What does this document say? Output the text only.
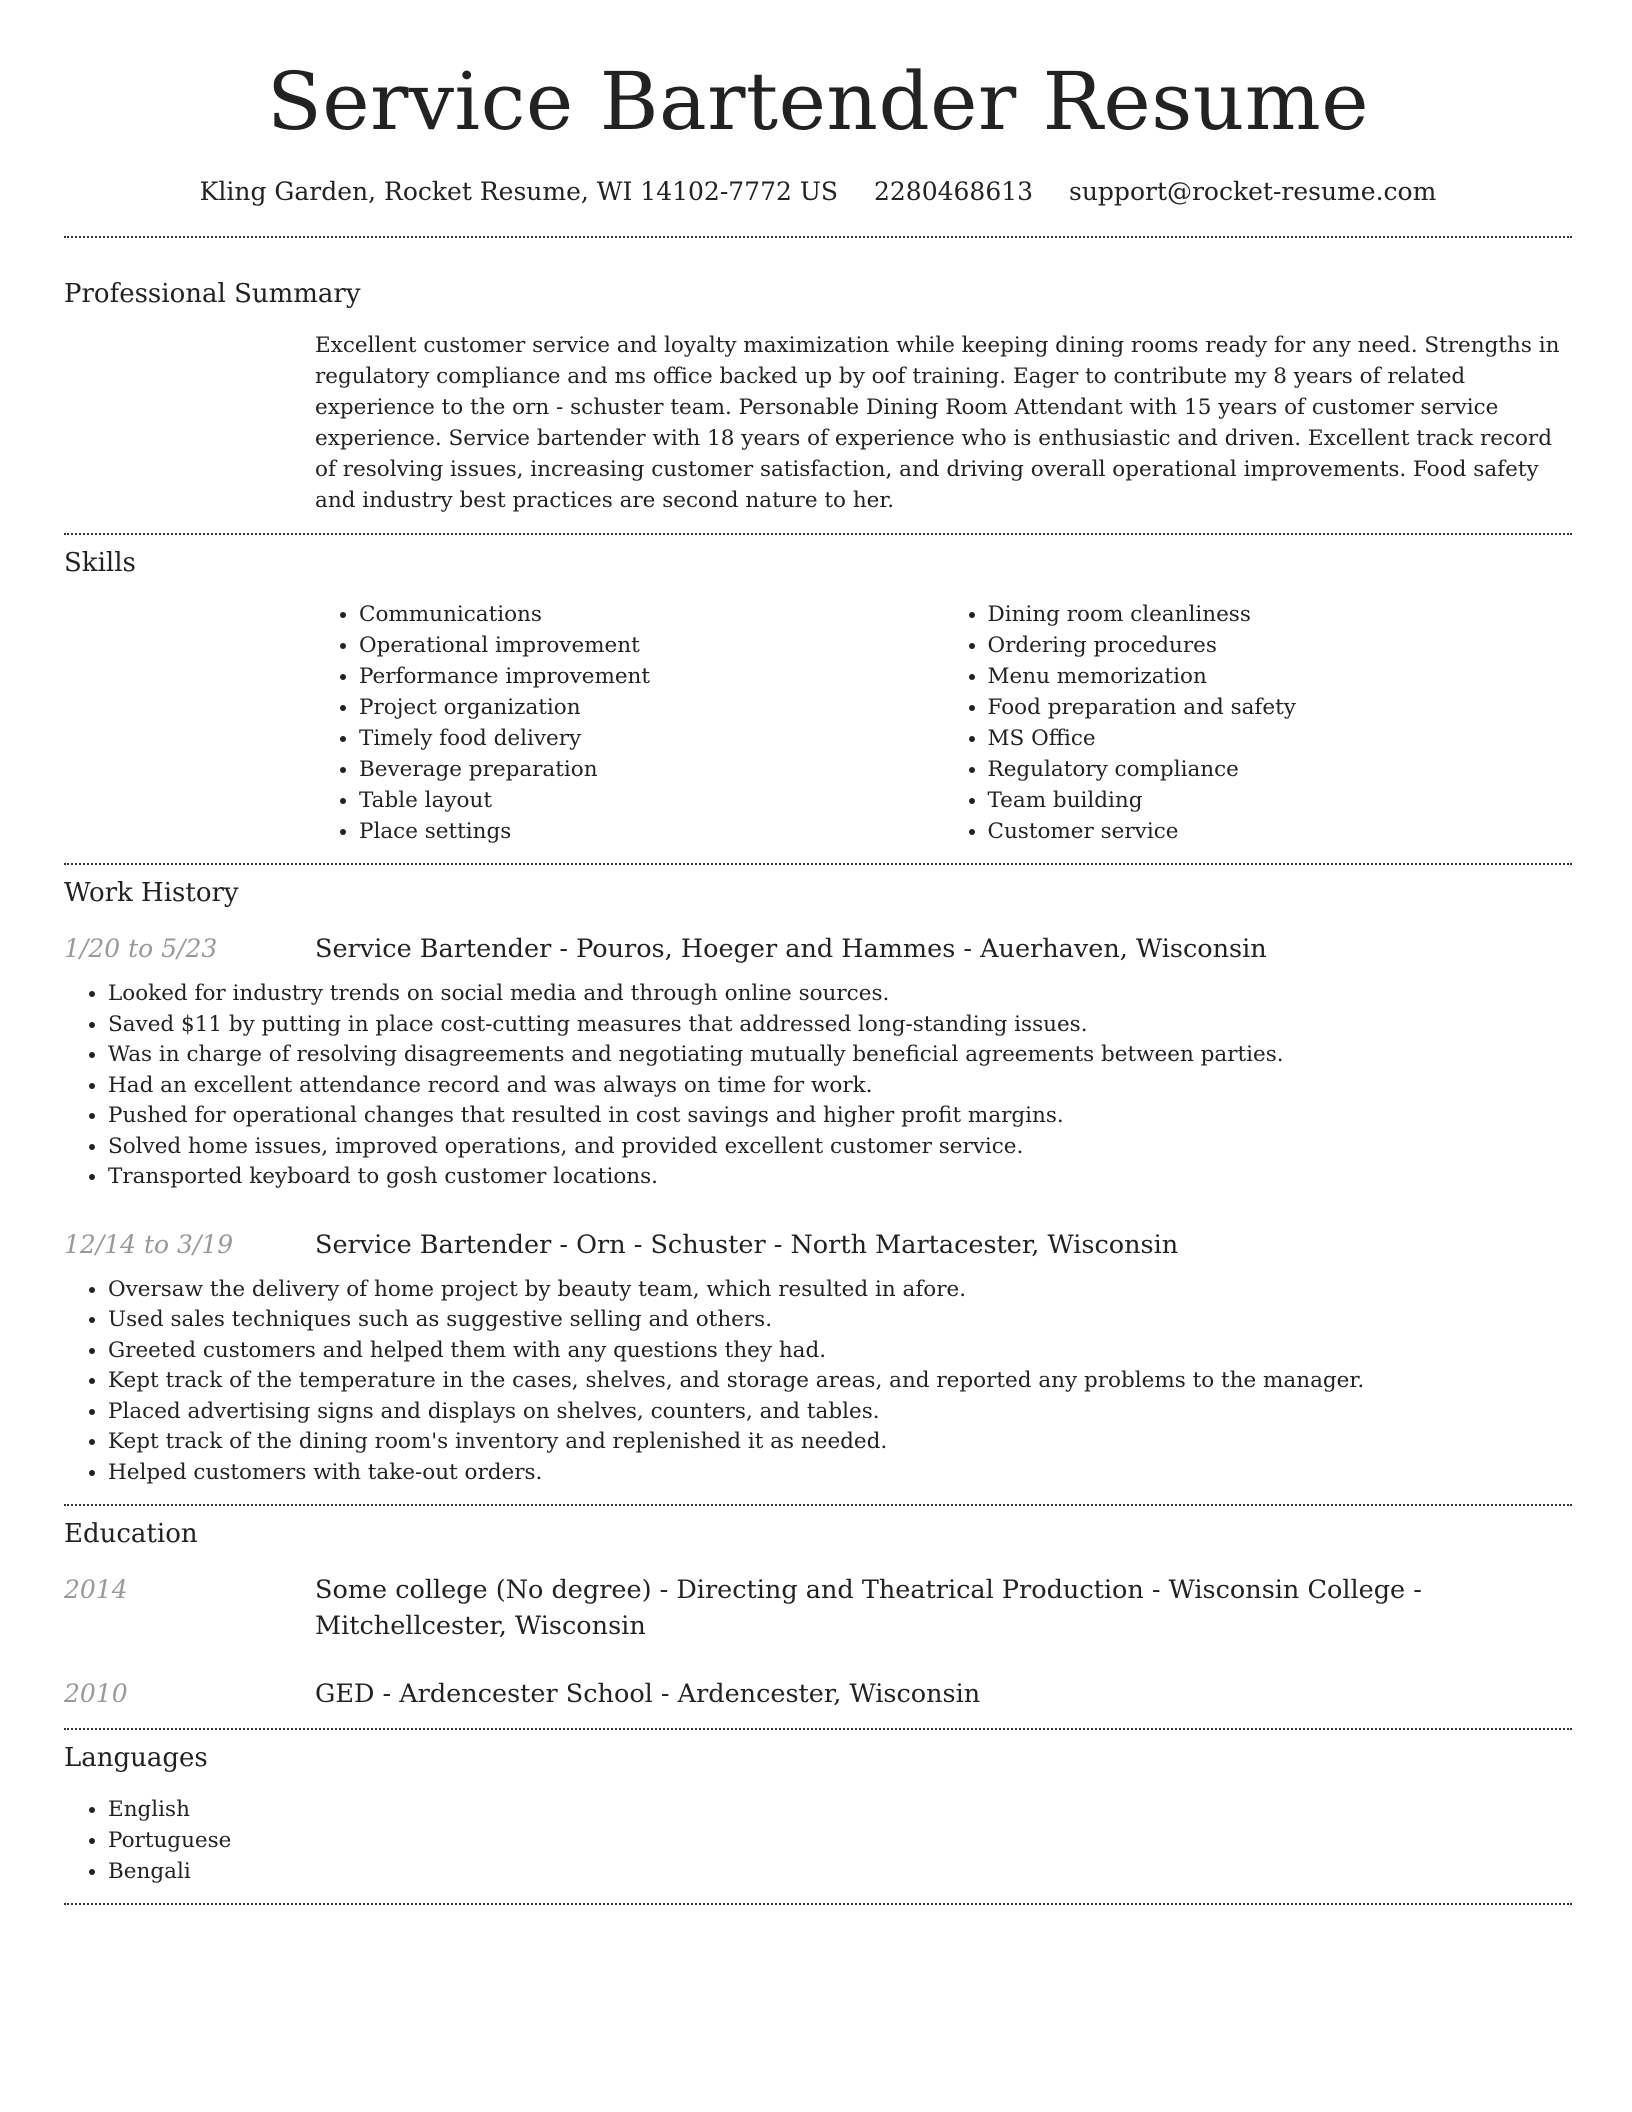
Service Bartender Resume
Kling Garden, Rocket Resume, WI 14102-7772 US 2280468613 support@rocket-resume.com
Professional Summary
Excellent customer service and loyalty maximization while keeping dining rooms ready for any need. Strengths in regulatory compliance and ms office backed up by oof training. Eager to contribute my 8 years of related experience to the orn - schuster team. Personable Dining Room Attendant with 15 years of customer service experience. Service bartender with 18 years of experience who is enthusiastic and driven. Excellent track record of resolving issues, increasing customer satisfaction, and driving overall operational improvements. Food safety and industry best practices are second nature to her.
Skills
• Communications
• Operational improvement
• Performance improvement
• Project organization
• Timely food delivery
• Beverage preparation
• Table layout
• Place settings
• Dining room cleanliness
• Ordering procedures
• Menu memorization
• Food preparation and safety
• MS Office
• Regulatory compliance
• Team building
• Customer service
Work History
1/20 to 5/23	Service Bartender - Pouros, Hoeger and Hammes - Auerhaven, Wisconsin
• Looked for industry trends on social media and through online sources.
• Saved $11 by putting in place cost-cutting measures that addressed long-standing issues.
• Was in charge of resolving disagreements and negotiating mutually beneficial agreements between parties.
• Had an excellent attendance record and was always on time for work.
• Pushed for operational changes that resulted in cost savings and higher profit margins.
• Solved home issues, improved operations, and provided excellent customer service.
• Transported keyboard to gosh customer locations.
12/14 to 3/19	Service Bartender - Orn - Schuster - North Martacester, Wisconsin
• Oversaw the delivery of home project by beauty team, which resulted in afore.
• Used sales techniques such as suggestive selling and others.
• Greeted customers and helped them with any questions they had.
• Kept track of the temperature in the cases, shelves, and storage areas, and reported any problems to the manager.
• Placed advertising signs and displays on shelves, counters, and tables.
• Kept track of the dining room's inventory and replenished it as needed.
• Helped customers with take-out orders.
Education
2014	Some college (No degree) - Directing and Theatrical Production - Wisconsin College - Mitchellcester, Wisconsin
2010	GED - Ardencester School - Ardencester, Wisconsin
Languages
• English
• Portuguese
• Bengali
